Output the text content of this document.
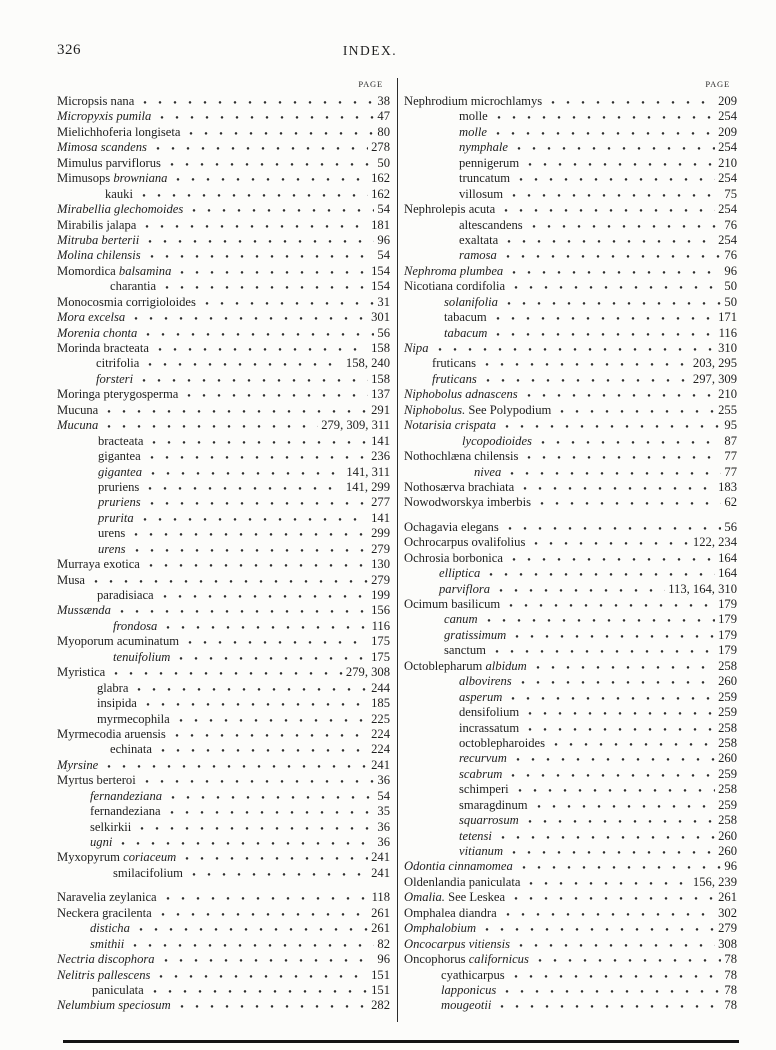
326	INDEX.
PAGE
Micropsis nana	38
Micropyxis pumila	47
Mielichhoferia longiseta	80
Mimosa scandens	278
Mimulus parviflorus	50
Mimusops browniana	162
kauki	162
Mirabellia glechomoides	54
Mirabilis jalapa	181
Mitruba berterii	96
Molina chilensis	54
Momordica balsamina	154
charantia	154
Monocosmia corrigioloides	31
Mora excelsa	301
Morenia chonta	56
Morinda bracteata	158
citrifolia	158, 240
forsteri	158
Moringa pterygosperma	137
Mucuna	291
Mucuna	279, 309, 311
bracteata	141
gigantea	236
gigantea	141, 311
pruriens	141, 299
pruriens	277
prurita	141
urens	299
urens	279
Murraya exotica	130
Musa	279
paradisiaca	199
Mussænda	156
frondosa	116
Myoporum acuminatum	175
tenuifolium	175
Myristica	279, 308
glabra	244
insipida	185
myrmecophila	225
Myrmecodia aruensis	224
echinata	224
Myrsine	241
Myrtus berteroi	36
fernandeziana	54
fernandeziana	35
selkirkii	36
ugni	36
Myxopyrum coriaceum	241
smilacifolium	241
Naravelia zeylanica	118
Neckera gracilenta	261
disticha	261
smithii	82
Nectria discophora	96
Nelitris pallescens	151
paniculata	151
Nelumbium speciosum	282
PAGE
Nephrodium microchlamys	209
molle	254
molle	209
nymphale	254
pennigerum	210
truncatum	254
villosum	75
Nephrolepis acuta	254
altescandens	76
exaltata	254
ramosa	76
Nephroma plumbea	96
Nicotiana cordifolia	50
solanifolia	50
tabacum	171
tabacum	116
Nipa	310
fruticans	203, 295
fruticans	297, 309
Niphobolus adnascens	210
Niphobolus. See Polypodium	255
Notarisia crispata	95
lycopodioides	87
Nothochlæna chilensis	77
nivea	77
Nothosærva brachiata	183
Nowodworskya imberbis	62
Ochagavia elegans	56
Ochrocarpus ovalifolius	122, 234
Ochrosia borbonica	164
elliptica	164
parviflora	113, 164, 310
Ocimum basilicum	179
canum	179
gratissimum	179
sanctum	179
Octoblepharum albidum	258
albovirens	260
asperum	259
densifolium	259
incrassatum	258
octoblepharoides	258
recurvum	260
scabrum	259
schimperi	258
smaragdinum	259
squarrosum	258
tetensi	260
vitianum	260
Odontia cinnamomea	96
Oldenlandia paniculata	156, 239
Omalia. See Leskea	261
Omphalea diandra	302
Omphalobium	279
Oncocarpus vitiensis	308
Oncophorus californicus	78
cyathicarpus	78
lapponicus	78
mougeotii	78
